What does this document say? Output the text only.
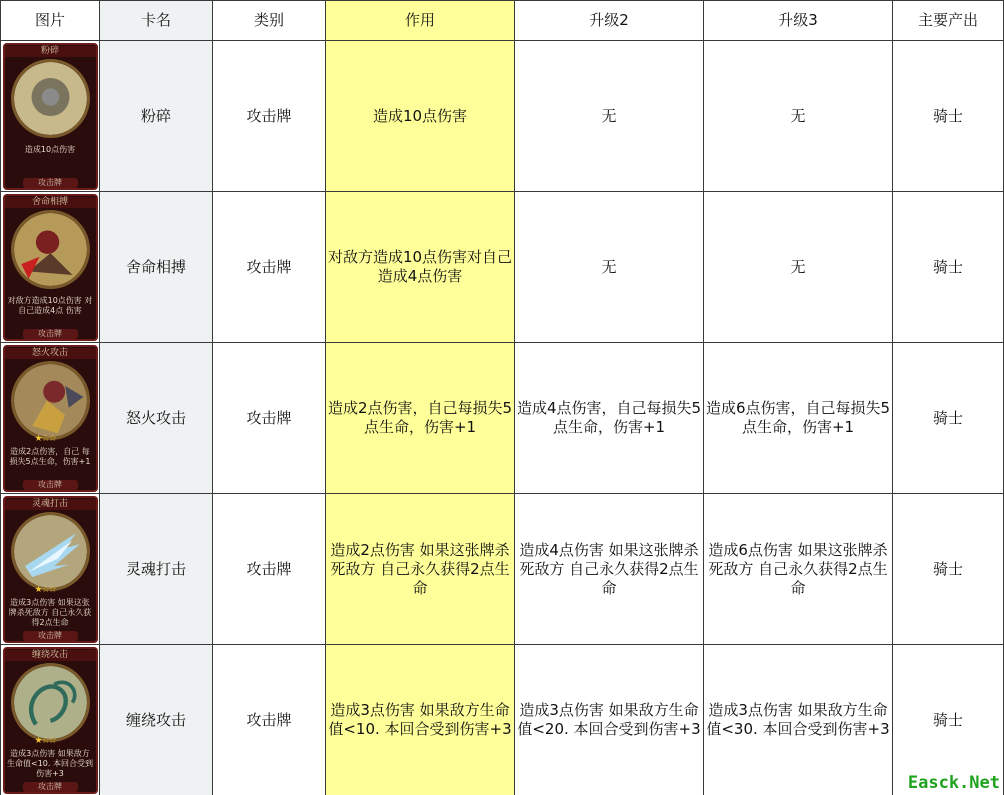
图片	卡名	类别	作用	升级2	升级3	主要产出

粉碎
造成10点伤害
攻击牌	粉碎	攻击牌	造成10点伤害	无	无	骑士

舍命相搏
对敌方造成10点伤害 对自己造成4点 伤害
攻击牌	舍命相搏	攻击牌	对敌方造成10点伤害对自己造成4点伤害	无	无	骑士

怒火攻击
★☆☆
造成2点伤害，自己 每损失5点生命，伤害+1
攻击牌	怒火攻击	攻击牌	造成2点伤害，自己每损失5点生命，伤害+1	造成4点伤害，自己每损失5点生命，伤害+1	造成6点伤害，自己每损失5点生命，伤害+1	骑士

灵魂打击
★☆☆
造成3点伤害 如果这张牌杀死敌方 自己永久获得2点生命
攻击牌	灵魂打击	攻击牌	造成2点伤害 如果这张牌杀死敌方 自己永久获得2点生命	造成4点伤害 如果这张牌杀死敌方 自己永久获得2点生命	造成6点伤害 如果这张牌杀死敌方 自己永久获得2点生命	骑士

缠绕攻击
★☆☆
造成3点伤害 如果敌方生命值<10. 本回合受到伤害+3
攻击牌	缠绕攻击	攻击牌	造成3点伤害 如果敌方生命值<10. 本回合受到伤害+3	造成3点伤害 如果敌方生命值<20. 本回合受到伤害+3	造成3点伤害 如果敌方生命值<30. 本回合受到伤害+3	骑士
Easck.Net
